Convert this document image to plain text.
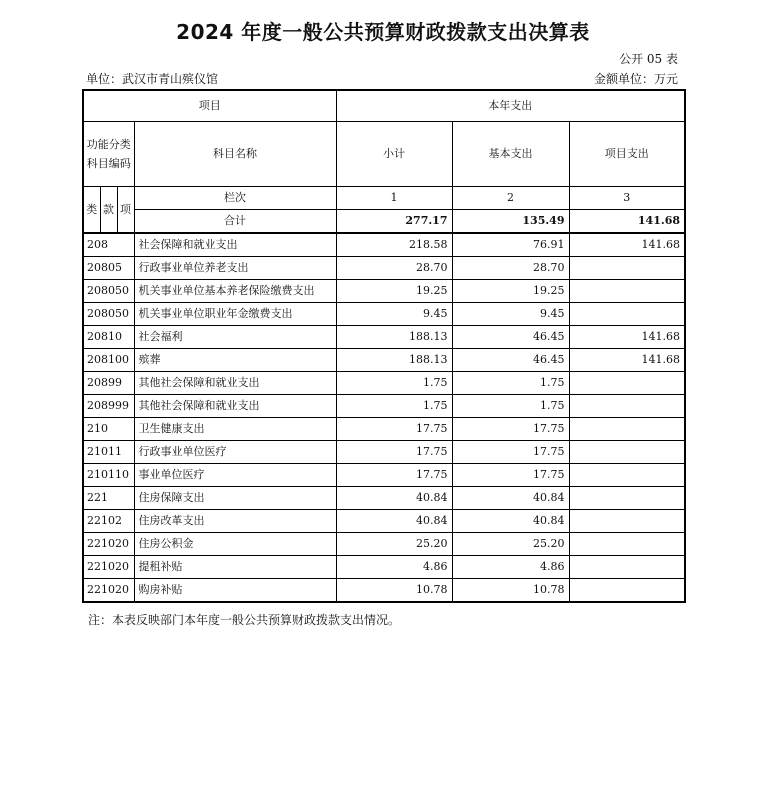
2024 年度一般公共预算财政拨款支出决算表
公开 05 表
单位：武汉市青山殡仪馆	金额单位：万元
项目				本年支出		
功能分类科目编码			科目名称	小计	基本支出	项目支出
类	款	项	栏次	1	2	3
			合计	277.17	135.49	141.68
208			社会保障和就业支出	218.58	76.91	141.68
20805			行政事业单位养老支出	28.70	28.70	
208050			机关事业单位基本养老保险缴费支出	19.25	19.25	
208050			机关事业单位职业年金缴费支出	9.45	9.45	
20810			社会福利	188.13	46.45	141.68
208100			殡葬	188.13	46.45	141.68
20899			其他社会保障和就业支出	1.75	1.75	
208999			其他社会保障和就业支出	1.75	1.75	
210			卫生健康支出	17.75	17.75	
21011			行政事业单位医疗	17.75	17.75	
210110			事业单位医疗	17.75	17.75	
221			住房保障支出	40.84	40.84	
22102			住房改革支出	40.84	40.84	
221020			住房公积金	25.20	25.20	
221020			提租补贴	4.86	4.86	
221020			购房补贴	10.78	10.78	
注：本表反映部门本年度一般公共预算财政拨款支出情况。
